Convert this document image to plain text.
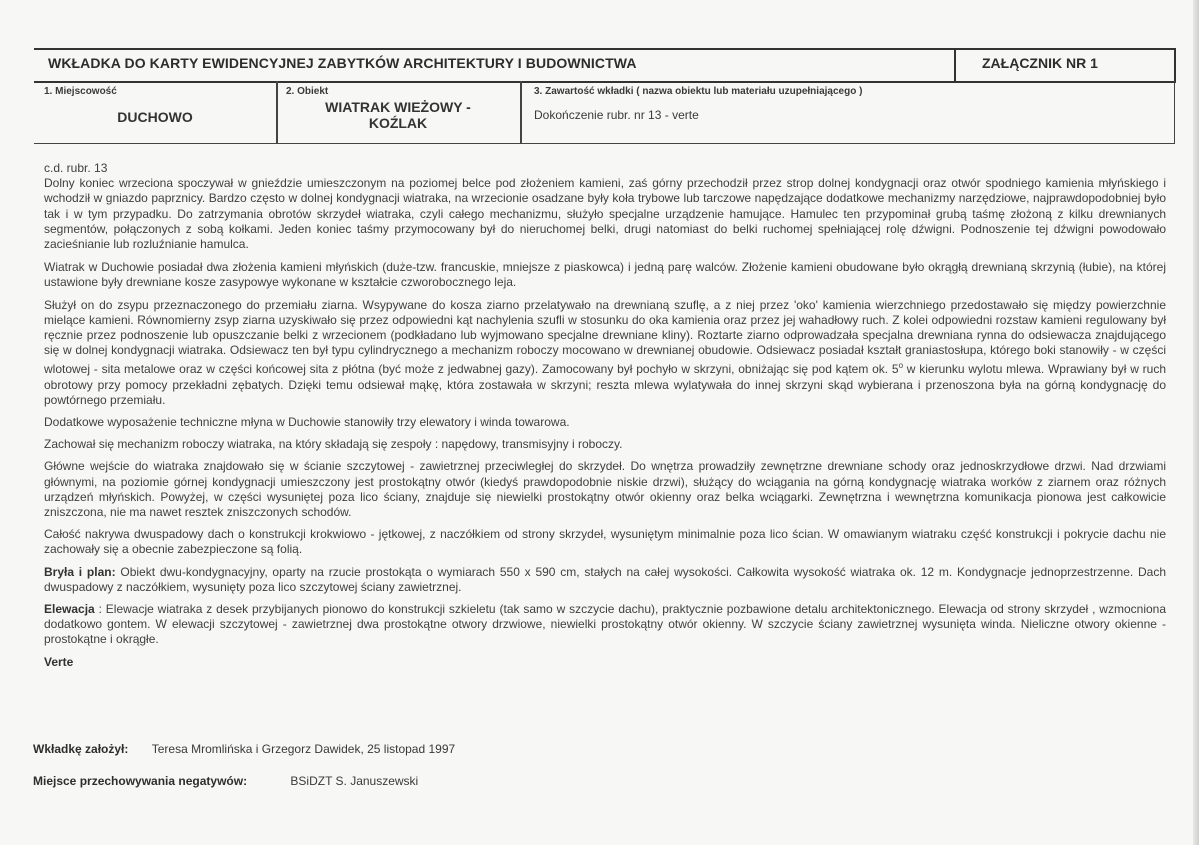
WKŁADKA DO KARTY EWIDENCYJNEJ ZABYTKÓW ARCHITEKTURY I BUDOWNICTWA	ZAŁĄCZNIK NR 1
1. Miejscowość
DUCHOWO
2. Obiekt
WIATRAK WIEŻOWY -
KOŹLAK
3. Zawartość wkładki ( nazwa obiektu lub materiału uzupełniającego )
Dokończenie rubr. nr 13 - verte

c.d. rubr. 13
Dolny koniec wrzeciona spoczywał w gnieździe umieszczonym na poziomej belce pod złożeniem kamieni, zaś górny przechodził przez strop dolnej kondygnacji oraz otwór spodniego kamienia młyńskiego i wchodził w gniazdo paprznicy. Bardzo często w dolnej kondygnacji wiatraka, na wrzecionie osadzane były koła trybowe lub tarczowe napędzające dodatkowe mechanizmy narzędziowe, najprawdopodobniej było tak i w tym przypadku. Do zatrzymania obrotów skrzydeł wiatraka, czyli całego mechanizmu, służyło specjalne urządzenie hamujące. Hamulec ten przypominał grubą taśmę złożoną z kilku drewnianych segmentów, połączonych z sobą kołkami. Jeden koniec taśmy przymocowany był do nieruchomej belki, drugi natomiast do belki ruchomej spełniającej rolę dźwigni. Podnoszenie tej dźwigni powodowało zacieśnianie lub rozluźnianie hamulca.

Wiatrak w Duchowie posiadał dwa złożenia kamieni młyńskich (duże-tzw. francuskie, mniejsze z piaskowca) i jedną parę walców. Złożenie kamieni obudowane było okrągłą drewnianą skrzynią (łubie), na której ustawione były drewniane kosze zasypowye wykonane w kształcie czworobocznego leja.

Służył on do zsypu przeznaczonego do przemiału ziarna. Wsypywane do kosza ziarno przelatywało na drewnianą szuflę, a z niej przez 'oko' kamienia wierzchniego przedostawało się między powierzchnie mielące kamieni. Równomierny zsyp ziarna uzyskiwało się przez odpowiedni kąt nachylenia szufli w stosunku do oka kamienia oraz przez jej wahadłowy ruch. Z kolei odpowiedni rozstaw kamieni regulowany był ręcznie przez podnoszenie lub opuszczanie belki z wrzecionem (podkładano lub wyjmowano specjalne drewniane kliny). Roztarte ziarno odprowadzała specjalna drewniana rynna do odsiewacza znajdującego się w dolnej kondygnacji wiatraka. Odsiewacz ten był typu cylindrycznego a mechanizm roboczy mocowano w drewnianej obudowie. Odsiewacz posiadał kształt graniastosłupa, którego boki stanowiły - w części wlotowej - sita metalowe oraz w części końcowej sita z płótna (być może z jedwabnej gazy). Zamocowany był pochyło w skrzyni, obniżając się pod kątem ok. 5$^o$ w kierunku wylotu mlewa. Wprawiany był w ruch obrotowy przy pomocy przekładni zębatych. Dzięki temu odsiewał mąkę, która zostawała w skrzyni; reszta mlewa wylatywała do innej skrzyni skąd wybierana i przenoszona była na górną kondygnację do powtórnego przemiału.

Dodatkowe wyposażenie techniczne młyna w Duchowie stanowiły trzy elewatory i winda towarowa.

Zachował się mechanizm roboczy wiatraka, na który składają się zespoły : napędowy, transmisyjny i roboczy.

Główne wejście do wiatraka znajdowało się w ścianie szczytowej - zawietrznej przeciwległej do skrzydeł. Do wnętrza prowadziły zewnętrzne drewniane schody oraz jednoskrzydłowe drzwi. Nad drzwiami głównymi, na poziomie górnej kondygnacji umieszczony jest prostokątny otwór (kiedyś prawdopodobnie niskie drzwi), służący do wciągania na górną kondygnację wiatraka worków z ziarnem oraz różnych urządzeń młyńskich. Powyżej, w części wysuniętej poza lico ściany, znajduje się niewielki prostokątny otwór okienny oraz belka wciągarki. Zewnętrzna i wewnętrzna komunikacja pionowa jest całkowicie zniszczona, nie ma nawet resztek zniszczonych schodów.

Całość nakrywa dwuspadowy dach o konstrukcji krokwiowo - jętkowej, z naczółkiem od strony skrzydeł, wysuniętym minimalnie poza lico ścian. W omawianym wiatraku część konstrukcji i pokrycie dachu nie zachowały się a obecnie zabezpieczone są folią.

Bryła i plan: Obiekt dwu-kondygnacyjny, oparty na rzucie prostokąta o wymiarach 550 x 590 cm, stałych na całej wysokości. Całkowita wysokość wiatraka ok. 12 m. Kondygnacje jednoprzestrzenne. Dach dwuspadowy z naczółkiem, wysunięty poza lico szczytowej ściany zawietrznej.

Elewacja : Elewacje wiatraka z desek przybijanych pionowo do konstrukcji szkieletu (tak samo w szczycie dachu), praktycznie pozbawione detalu architektonicznego. Elewacja od strony skrzydeł , wzmocniona dodatkowo gontem. W elewacji szczytowej - zawietrznej dwa prostokątne otwory drzwiowe, niewielki prostokątny otwór okienny. W szczycie ściany zawietrznej wysunięta winda. Nieliczne otwory okienne - prostokątne i okrągłe.

Verte
Wkładkę założył: Teresa Mromlińska i Grzegorz Dawidek, 25 listopad 1997
Miejsce przechowywania negatywów:	BSiDZT S. Januszewski
